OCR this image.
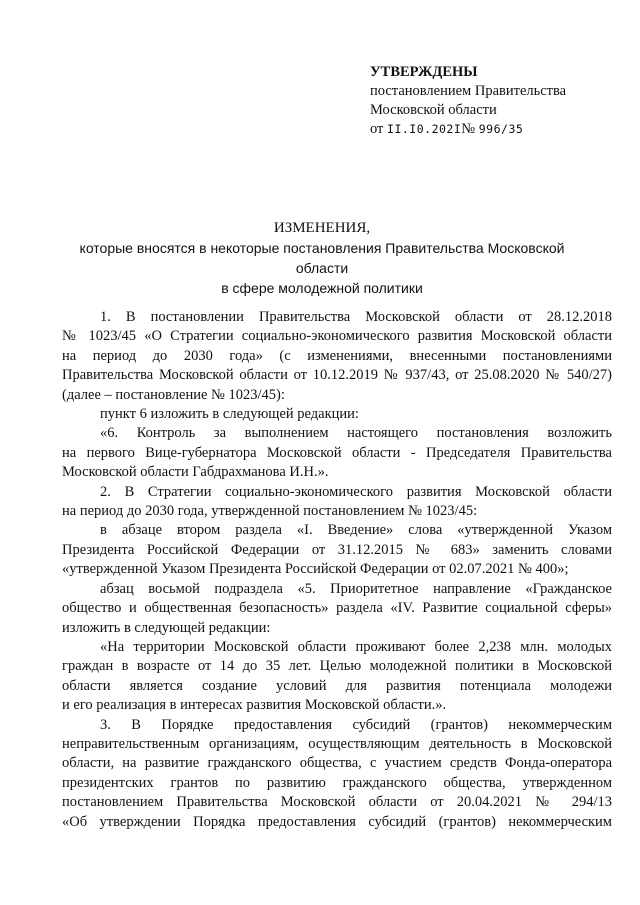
УТВЕРЖДЕНЫ
постановлением Правительства
Московской области
от II.I0.202I№ 996/35
ИЗМЕНЕНИЯ,
которые вносятся в некоторые постановления Правительства Московской области
в сфере молодежной политики
1. В постановлении Правительства Московской области от 28.12.2018
№ 1023/45 «О Стратегии социально-экономического развития Московской области
на период до 2030 года» (с изменениями, внесенными постановлениями
Правительства Московской области от 10.12.2019 № 937/43, от 25.08.2020 № 540/27)
(далее – постановление № 1023/45):
пункт 6 изложить в следующей редакции:
«6. Контроль за выполнением настоящего постановления возложить
на первого Вице-губернатора Московской области - Председателя Правительства
Московской области Габдрахманова И.Н.».
2. В Стратегии социально-экономического развития Московской области
на период до 2030 года, утвержденной постановлением № 1023/45:
в абзаце втором раздела «I. Введение» слова «утвержденной Указом
Президента Российской Федерации от 31.12.2015 № 683» заменить словами
«утвержденной Указом Президента Российской Федерации от 02.07.2021 № 400»;
абзац восьмой подраздела «5. Приоритетное направление «Гражданское
общество и общественная безопасность» раздела «IV. Развитие социальной сферы»
изложить в следующей редакции:
«На территории Московской области проживают более 2,238 млн. молодых
граждан в возрасте от 14 до 35 лет. Целью молодежной политики в Московской
области является создание условий для развития потенциала молодежи
и его реализация в интересах развития Московской области.».
3. В Порядке предоставления субсидий (грантов) некоммерческим
неправительственным организациям, осуществляющим деятельность в Московской
области, на развитие гражданского общества, с участием средств Фонда-оператора
президентских грантов по развитию гражданского общества, утвержденном
постановлением Правительства Московской области от 20.04.2021 № 294/13
«Об утверждении Порядка предоставления субсидий (грантов) некоммерческим
